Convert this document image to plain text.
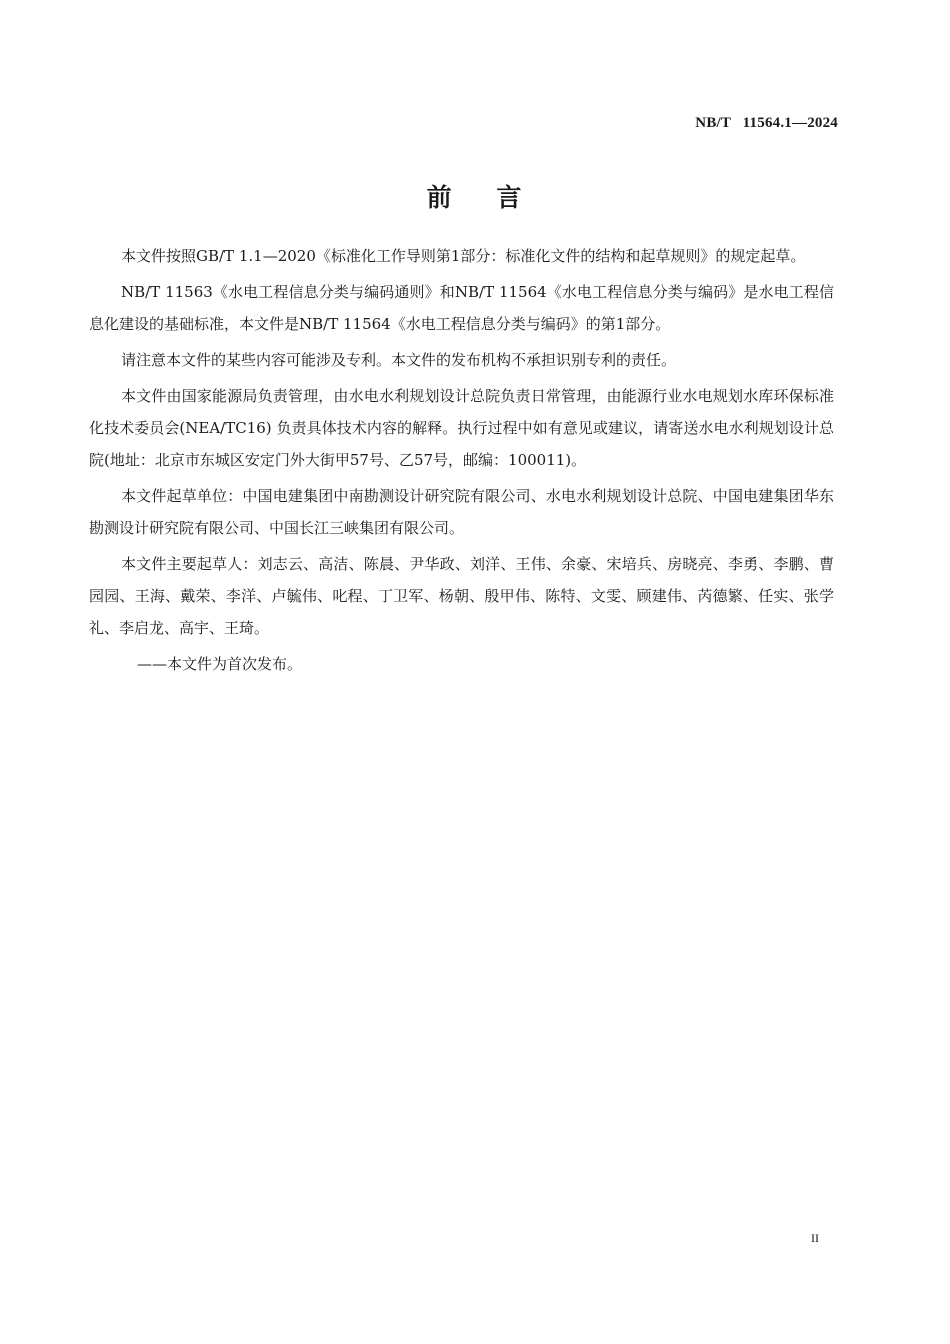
NB/T   11564.1—2024
前    言

本文件按照GB/T 1.1—2020《标准化工作导则第1部分：标准化文件的结构和起草规则》的规定起草。

NB/T 11563《水电工程信息分类与编码通则》和NB/T 11564《水电工程信息分类与编码》是水电工程信息化建设的基础标准，本文件是NB/T 11564《水电工程信息分类与编码》的第1部分。

请注意本文件的某些内容可能涉及专利。本文件的发布机构不承担识别专利的责任。

本文件由国家能源局负责管理，由水电水利规划设计总院负责日常管理，由能源行业水电规划水库环保标准化技术委员会(NEA/TC16) 负责具体技术内容的解释。执行过程中如有意见或建议，请寄送水电水利规划设计总院(地址：北京市东城区安定门外大街甲57号、乙57号，邮编：100011)。

本文件起草单位：中国电建集团中南勘测设计研究院有限公司、水电水利规划设计总院、中国电建集团华东勘测设计研究院有限公司、中国长江三峡集团有限公司。

本文件主要起草人：刘志云、高洁、陈晨、尹华政、刘洋、王伟、余豪、宋培兵、房晓亮、李勇、李鹏、曹园园、王海、戴荣、李洋、卢毓伟、叱程、丁卫军、杨朝、殷甲伟、陈特、文雯、顾建伟、芮德繁、任实、张学礼、李启龙、高宇、王琦。

——本文件为首次发布。

II
